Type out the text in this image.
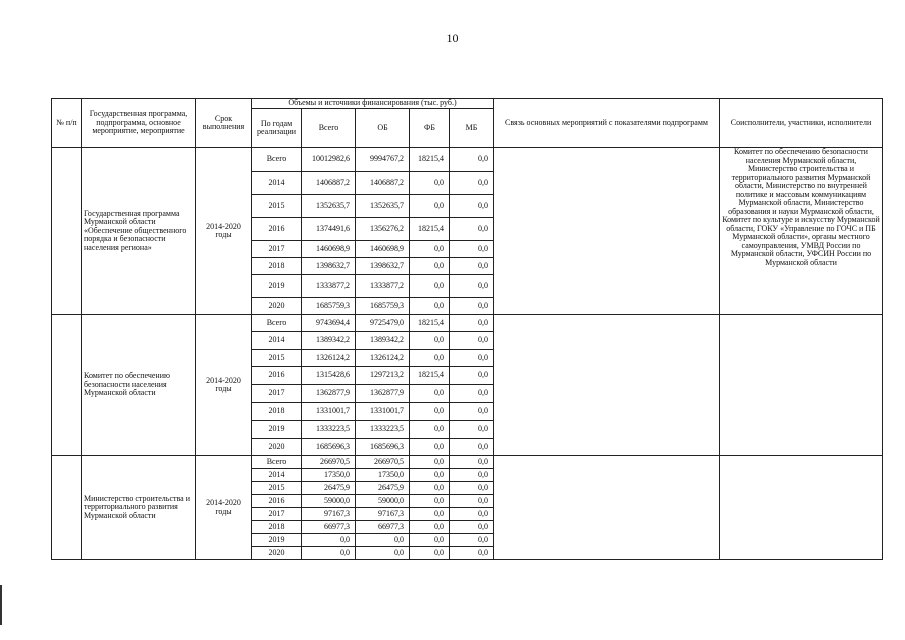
10
№ п/п	Государственная программа, подпрограмма, основное мероприятие, мероприятие	Срок выполнения	Объемы и источники финансирования (тыс. руб.)					Связь основных мероприятий с показателями подпрограмм	Соисполнители, участники, исполнители
			По годам реализации	Всего	ОБ	ФБ	МБ		
	Государственная программа Мурманской области «Обеспечение общественного порядка и безопасности населения региона»	2014-2020 годы	Всего	10012982,6	9994767,2	18215,4	0,0		Комитет по обеспечению безопасности населения Мурманской области, Министерство строительства и территориального развития Мурманской области, Министерство по внутренней политике и массовым коммуникациям Мурманской области, Министерство образования и науки Мурманской области, Комитет по культуре и искусству Мурманской области, ГОКУ «Управление по ГОЧС и ПБ Мурманской области», органы местного самоуправления, УМВД России по Мурманской области, УФСИН России по Мурманской области
			2014	1406887,2	1406887,2	0,0	0,0		
			2015	1352635,7	1352635,7	0,0	0,0		
			2016	1374491,6	1356276,2	18215,4	0,0		
			2017	1460698,9	1460698,9	0,0	0,0		
			2018	1398632,7	1398632,7	0,0	0,0		
			2019	1333877,2	1333877,2	0,0	0,0		
			2020	1685759,3	1685759,3	0,0	0,0		
	Комитет по обеспечению безопасности населения Мурманской области	2014-2020 годы	Всего	9743694,4	9725479,0	18215,4	0,0		
			2014	1389342,2	1389342,2	0,0	0,0		
			2015	1326124,2	1326124,2	0,0	0,0		
			2016	1315428,6	1297213,2	18215,4	0,0		
			2017	1362877,9	1362877,9	0,0	0,0		
			2018	1331001,7	1331001,7	0,0	0,0		
			2019	1333223,5	1333223,5	0,0	0,0		
			2020	1685696,3	1685696,3	0,0	0,0		
	Министерство строительства и территориального развития Мурманской области	2014-2020 годы	Всего	266970,5	266970,5	0,0	0,0		
			2014	17350,0	17350,0	0,0	0,0		
			2015	26475,9	26475,9	0,0	0,0		
			2016	59000,0	59000,0	0,0	0,0		
			2017	97167,3	97167,3	0,0	0,0		
			2018	66977,3	66977,3	0,0	0,0		
			2019	0,0	0,0	0,0	0,0		
			2020	0,0	0,0	0,0	0,0		
